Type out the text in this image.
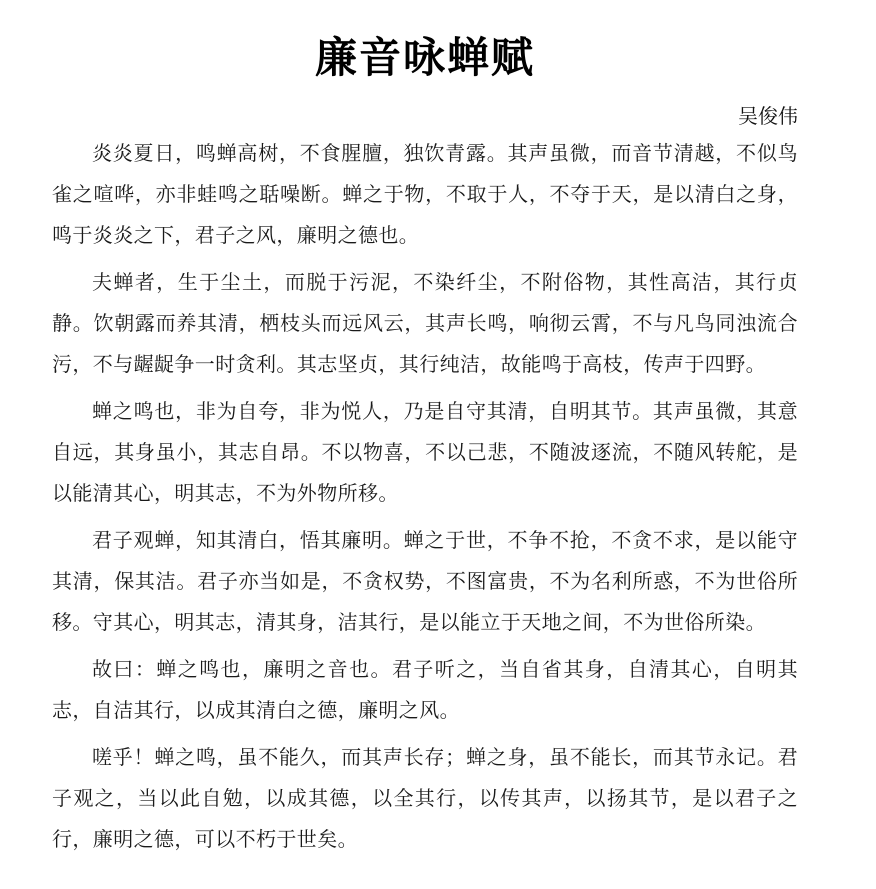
廉音咏蝉赋
吴俊伟

炎炎夏日，鸣蝉高树，不食腥膻，独饮青露。其声虽微，而音节清越，不似鸟雀之喧哗，亦非蛙鸣之聒噪断。蝉之于物，不取于人，不夺于天，是以清白之身，鸣于炎炎之下，君子之风，廉明之德也。

夫蝉者，生于尘土，而脱于污泥，不染纤尘，不附俗物，其性高洁，其行贞静。饮朝露而养其清，栖枝头而远风云，其声长鸣，响彻云霄，不与凡鸟同浊流合污，不与龌龊争一时贪利。其志坚贞，其行纯洁，故能鸣于高枝，传声于四野。

蝉之鸣也，非为自夸，非为悦人，乃是自守其清，自明其节。其声虽微，其意自远，其身虽小，其志自昂。不以物喜，不以己悲，不随波逐流，不随风转舵，是以能清其心，明其志，不为外物所移。

君子观蝉，知其清白，悟其廉明。蝉之于世，不争不抢，不贪不求，是以能守其清，保其洁。君子亦当如是，不贪权势，不图富贵，不为名利所惑，不为世俗所移。守其心，明其志，清其身，洁其行，是以能立于天地之间，不为世俗所染。

故曰：蝉之鸣也，廉明之音也。君子听之，当自省其身，自清其心，自明其志，自洁其行，以成其清白之德，廉明之风。

嗟乎！蝉之鸣，虽不能久，而其声长存；蝉之身，虽不能长，而其节永记。君子观之，当以此自勉，以成其德，以全其行，以传其声，以扬其节，是以君子之行，廉明之德，可以不朽于世矣。
